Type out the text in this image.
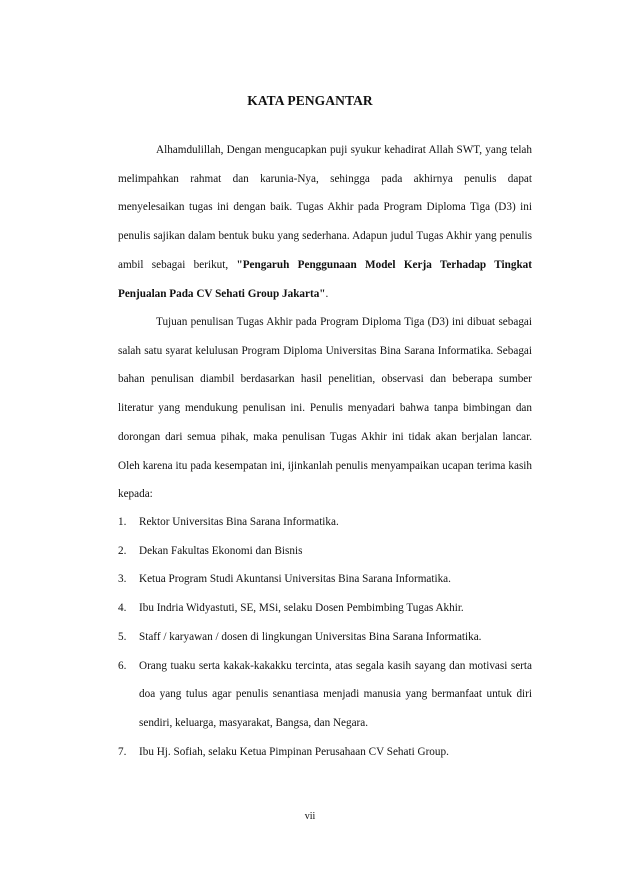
KATA PENGANTAR

Alhamdulillah, Dengan mengucapkan puji syukur kehadirat Allah SWT, yang telah melimpahkan rahmat dan karunia-Nya, sehingga pada akhirnya penulis dapat menyelesaikan tugas ini dengan baik. Tugas Akhir pada Program Diploma Tiga (D3) ini penulis sajikan dalam bentuk buku yang sederhana. Adapun judul Tugas Akhir yang penulis ambil sebagai berikut, "Pengaruh Penggunaan Model Kerja Terhadap Tingkat Penjualan Pada CV Sehati Group Jakarta".

Tujuan penulisan Tugas Akhir pada Program Diploma Tiga (D3) ini dibuat sebagai salah satu syarat kelulusan Program Diploma Universitas Bina Sarana Informatika. Sebagai bahan penulisan diambil berdasarkan hasil penelitian, observasi dan beberapa sumber literatur yang mendukung penulisan ini. Penulis menyadari bahwa tanpa bimbingan dan dorongan dari semua pihak, maka penulisan Tugas Akhir ini tidak akan berjalan lancar. Oleh karena itu pada kesempatan ini, ijinkanlah penulis menyampaikan ucapan terima kasih kepada:

1. Rektor Universitas Bina Sarana Informatika.
2. Dekan Fakultas Ekonomi dan Bisnis
3. Ketua Program Studi Akuntansi Universitas Bina Sarana Informatika.
4. Ibu Indria Widyastuti, SE, MSi, selaku Dosen Pembimbing Tugas Akhir.
5. Staff / karyawan / dosen di lingkungan Universitas Bina Sarana Informatika.
6. Orang tuaku serta kakak-kakakku tercinta, atas segala kasih sayang dan motivasi serta doa yang tulus agar penulis senantiasa menjadi manusia yang bermanfaat untuk diri sendiri, keluarga, masyarakat, Bangsa, dan Negara.
7. Ibu Hj. Sofiah, selaku Ketua Pimpinan Perusahaan CV Sehati Group.
vii
